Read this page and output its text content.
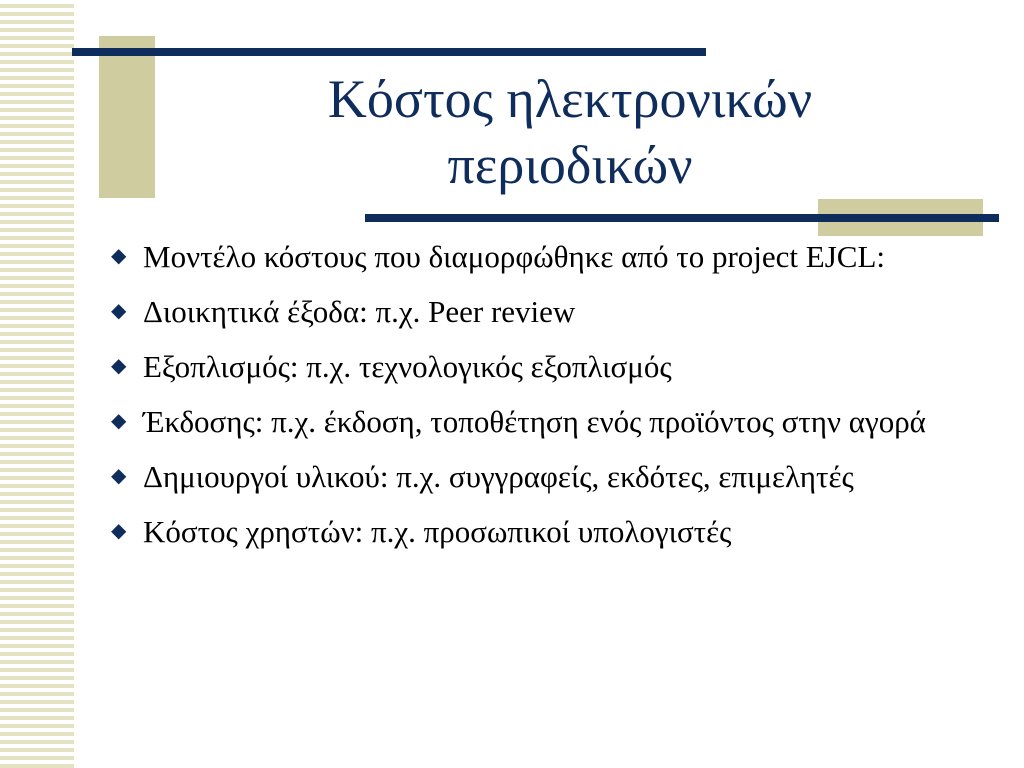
Κόστος ηλεκτρονικών
περιοδικών
◆ Μοντέλο κόστους που διαμορφώθηκε από το project EJCL:
◆ Διοικητικά έξοδα: π.χ. Peer review
◆ Εξοπλισμός: π.χ. τεχνολογικός εξοπλισμός
◆ Έκδοσης: π.χ. έκδοση, τοποθέτηση ενός προϊόντος στην αγορά
◆ Δημιουργοί υλικού: π.χ. συγγραφείς, εκδότες, επιμελητές
◆ Κόστος χρηστών: π.χ. προσωπικοί υπολογιστές
